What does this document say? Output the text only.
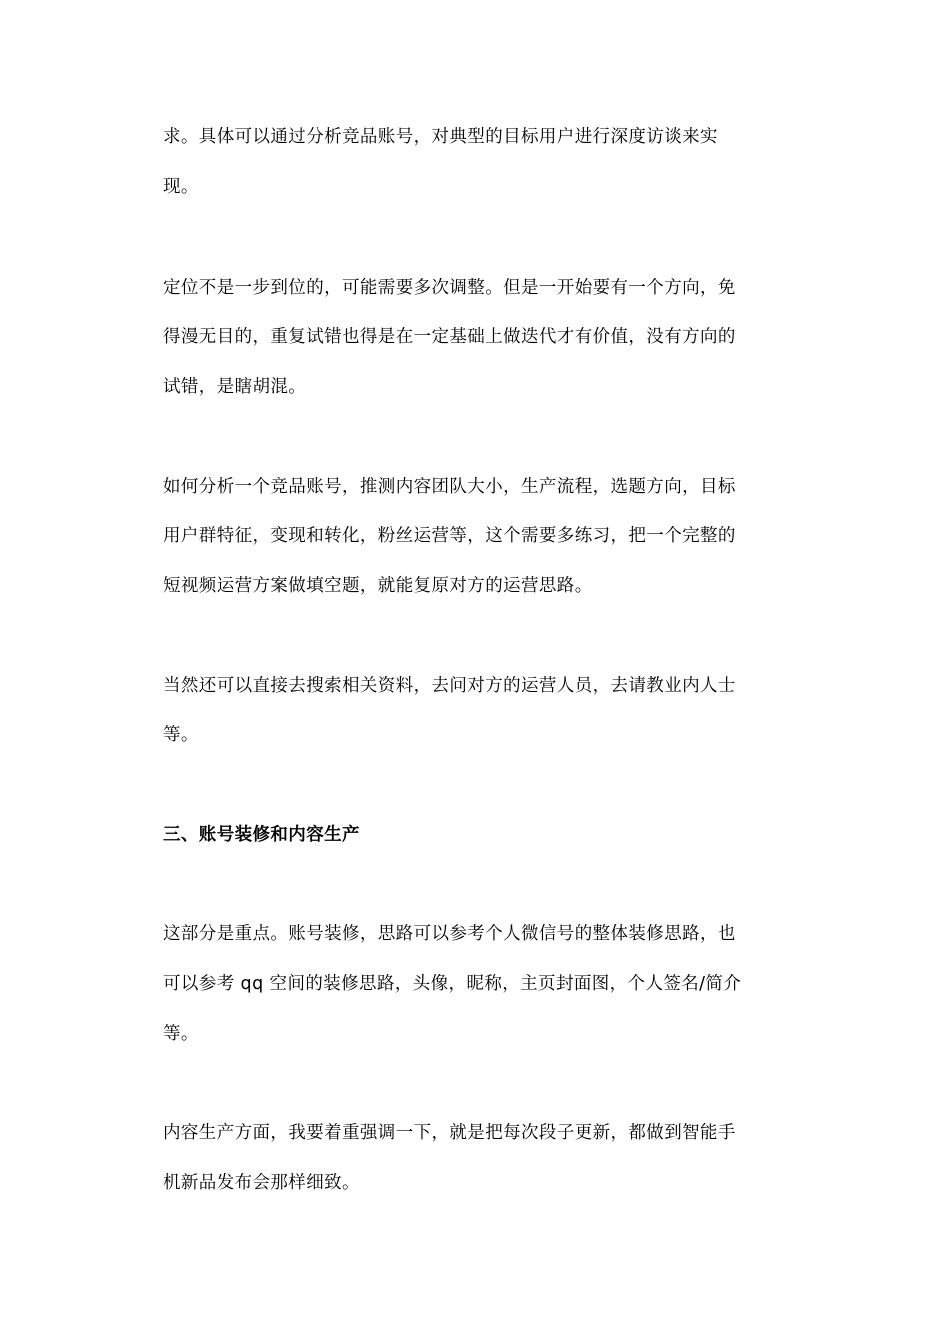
求。具体可以通过分析竞品账号，对典型的目标用户进行深度访谈来实
现。
定位不是一步到位的，可能需要多次调整。但是一开始要有一个方向，免
得漫无目的，重复试错也得是在一定基础上做迭代才有价值，没有方向的
试错，是瞎胡混。
如何分析一个竞品账号，推测内容团队大小，生产流程，选题方向，目标
用户群特征，变现和转化，粉丝运营等，这个需要多练习，把一个完整的
短视频运营方案做填空题，就能复原对方的运营思路。
当然还可以直接去搜索相关资料，去问对方的运营人员，去请教业内人士
等。
三、账号装修和内容生产
这部分是重点。账号装修，思路可以参考个人微信号的整体装修思路，也
可以参考 qq 空间的装修思路，头像，昵称，主页封面图，个人签名/简介
等。
内容生产方面，我要着重强调一下，就是把每次段子更新，都做到智能手
机新品发布会那样细致。
